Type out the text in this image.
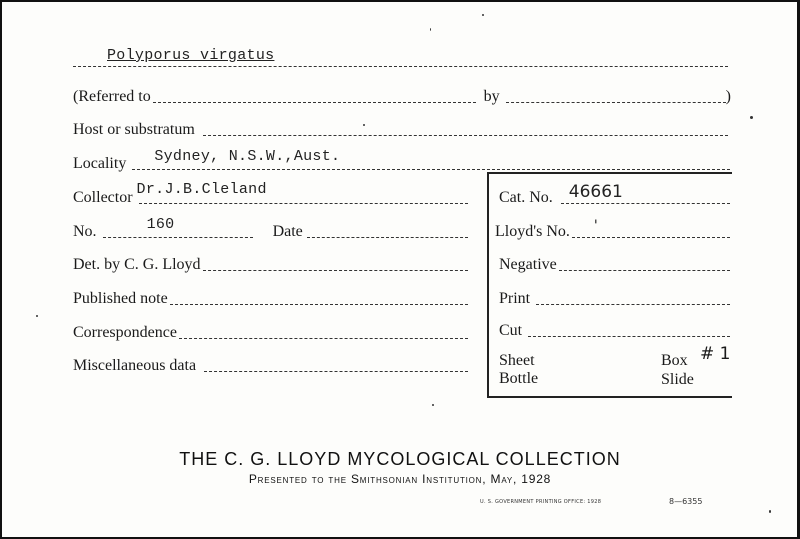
Polyporus virgatus
(Referred to	by	)
Host or substratum
Locality Sydney, N.S.W.,Aust.
Collector Dr.J.B.Cleland
No.	160	Date
Det. by C. G. Lloyd
Published note
Correspondence
Miscellaneous data
Cat. No. 46661
Lloyd's No. '
Negative
Print
Cut
Sheet
Bottle
Box # 1
Slide
THE C. G. LLOYD MYCOLOGICAL COLLECTION
Presented to the Smithsonian Institution, May, 1928
U. S. GOVERNMENT PRINTING OFFICE: 1928	8—6355
